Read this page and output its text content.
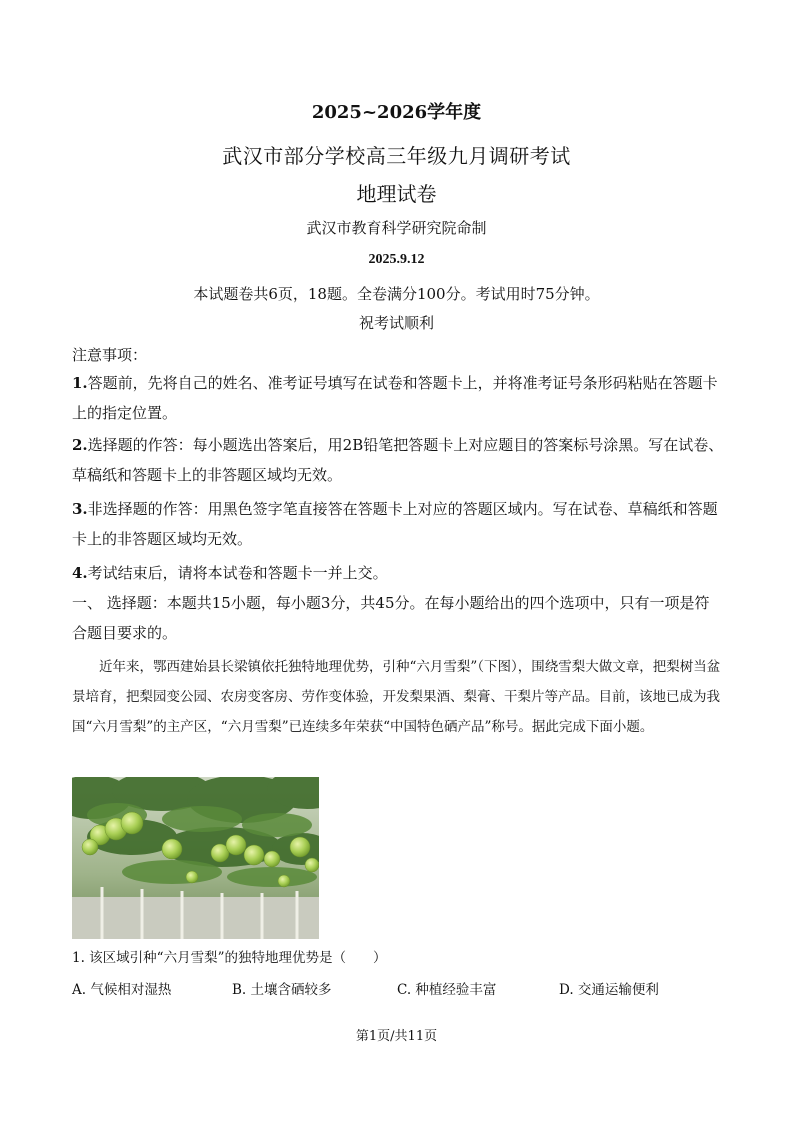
2025~2026学年度
武汉市部分学校高三年级九月调研考试
地理试卷
武汉市教育科学研究院命制
2025.9.12
本试题卷共6页，18题。全卷满分100分。考试用时75分钟。
祝考试顺利
注意事项：
1.答题前，先将自己的姓名、准考证号填写在试卷和答题卡上，并将准考证号条形码粘贴在答题卡上的指定位置。
2.选择题的作答：每小题选出答案后，用2B铅笔把答题卡上对应题目的答案标号涂黑。写在试卷、草稿纸和答题卡上的非答题区域均无效。
3.非选择题的作答：用黑色签字笔直接答在答题卡上对应的答题区域内。写在试卷、草稿纸和答题卡上的非答题区域均无效。
4.考试结束后，请将本试卷和答题卡一并上交。
一、 选择题：本题共15小题，每小题3分，共45分。在每小题给出的四个选项中，只有一项是符合题目要求的。
近年来，鄂西建始县长梁镇依托独特地理优势，引种“六月雪梨”（下图），围绕雪梨大做文章，把梨树当盆景培育，把梨园变公园、农房变客房、劳作变体验，开发梨果酒、梨膏、干梨片等产品。目前，该地已成为我国“六月雪梨”的主产区，“六月雪梨”已连续多年荣获“中国特色硒产品”称号。据此完成下面小题。
1. 该区域引种“六月雪梨”的独特地理优势是（　　）
A. 气候相对湿热	B. 土壤含硒较多	C. 种植经验丰富	D. 交通运输便利
第1页/共11页
